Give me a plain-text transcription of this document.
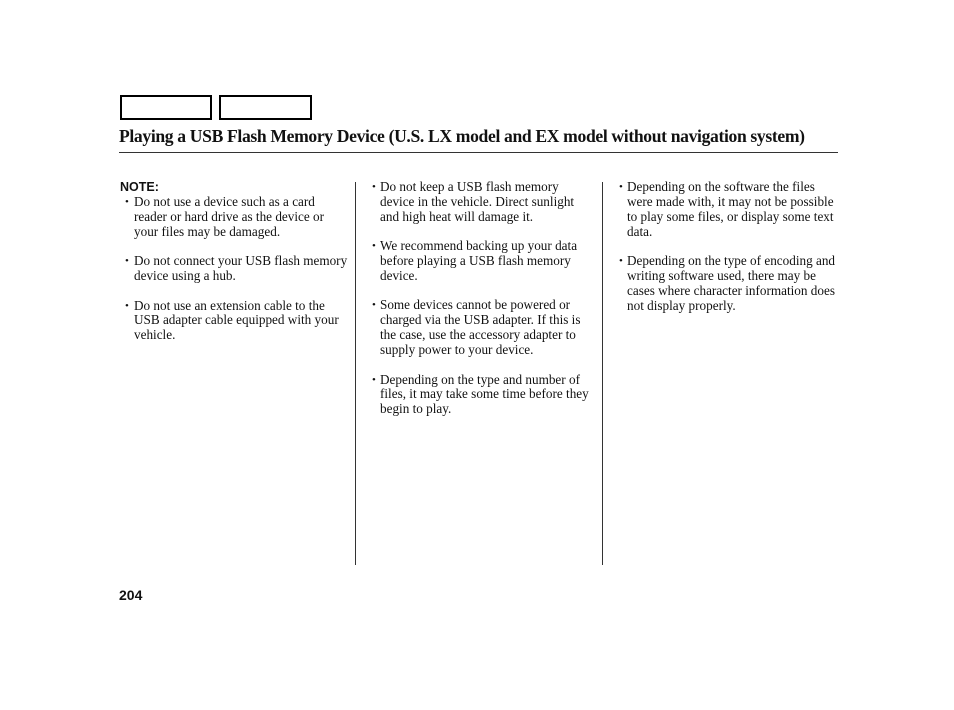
Playing a USB Flash Memory Device (U.S. LX model and EX model without navigation system)
NOTE:
• Do not use a device such as a card reader or hard drive as the device or your files may be damaged.
• Do not connect your USB flash memory device using a hub.
• Do not use an extension cable to the USB adapter cable equipped with your vehicle.
• Do not keep a USB flash memory device in the vehicle. Direct sunlight and high heat will damage it.
• We recommend backing up your data before playing a USB flash memory device.
• Some devices cannot be powered or charged via the USB adapter. If this is the case, use the accessory adapter to supply power to your device.
• Depending on the type and number of files, it may take some time before they begin to play.
• Depending on the software the files were made with, it may not be possible to play some files, or display some text data.
• Depending on the type of encoding and writing software used, there may be cases where character information does not display properly.
204
